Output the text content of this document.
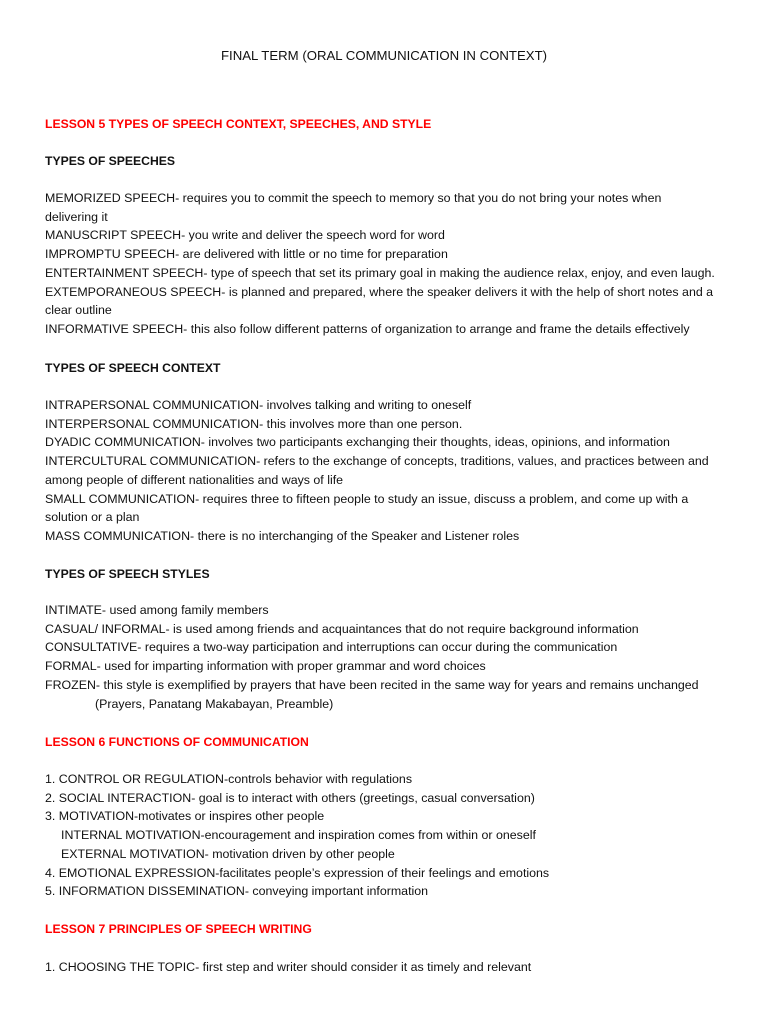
FINAL TERM (ORAL COMMUNICATION IN CONTEXT)
LESSON 5 TYPES OF SPEECH CONTEXT, SPEECHES, AND STYLE
TYPES OF SPEECHES
MEMORIZED SPEECH- requires you to commit the speech to memory so that you do not bring your notes when
delivering it
MANUSCRIPT SPEECH- you write and deliver the speech word for word
IMPROMPTU SPEECH- are delivered with little or no time for preparation
ENTERTAINMENT SPEECH- type of speech that set its primary goal in making the audience relax, enjoy, and even laugh.
EXTEMPORANEOUS SPEECH- is planned and prepared, where the speaker delivers it with the help of short notes and a
clear outline
INFORMATIVE SPEECH- this also follow different patterns of organization to arrange and frame the details effectively
TYPES OF SPEECH CONTEXT
INTRAPERSONAL COMMUNICATION- involves talking and writing to oneself
INTERPERSONAL COMMUNICATION- this involves more than one person.
DYADIC COMMUNICATION- involves two participants exchanging their thoughts, ideas, opinions, and information
INTERCULTURAL COMMUNICATION- refers to the exchange of concepts, traditions, values, and practices between and
among people of different nationalities and ways of life
SMALL COMMUNICATION- requires three to fifteen people to study an issue, discuss a problem, and come up with a
solution or a plan
MASS COMMUNICATION- there is no interchanging of the Speaker and Listener roles
TYPES OF SPEECH STYLES
INTIMATE- used among family members
CASUAL/ INFORMAL- is used among friends and acquaintances that do not require background information
CONSULTATIVE- requires a two-way participation and interruptions can occur during the communication
FORMAL- used for imparting information with proper grammar and word choices
FROZEN- this style is exemplified by prayers that have been recited in the same way for years and remains unchanged
(Prayers, Panatang Makabayan, Preamble)
LESSON 6 FUNCTIONS OF COMMUNICATION
1. CONTROL OR REGULATION-controls behavior with regulations
2. SOCIAL INTERACTION- goal is to interact with others (greetings, casual conversation)
3. MOTIVATION-motivates or inspires other people
INTERNAL MOTIVATION-encouragement and inspiration comes from within or oneself
EXTERNAL MOTIVATION- motivation driven by other people
4. EMOTIONAL EXPRESSION-facilitates people’s expression of their feelings and emotions
5. INFORMATION DISSEMINATION- conveying important information
LESSON 7 PRINCIPLES OF SPEECH WRITING
1. CHOOSING THE TOPIC- first step and writer should consider it as timely and relevant
